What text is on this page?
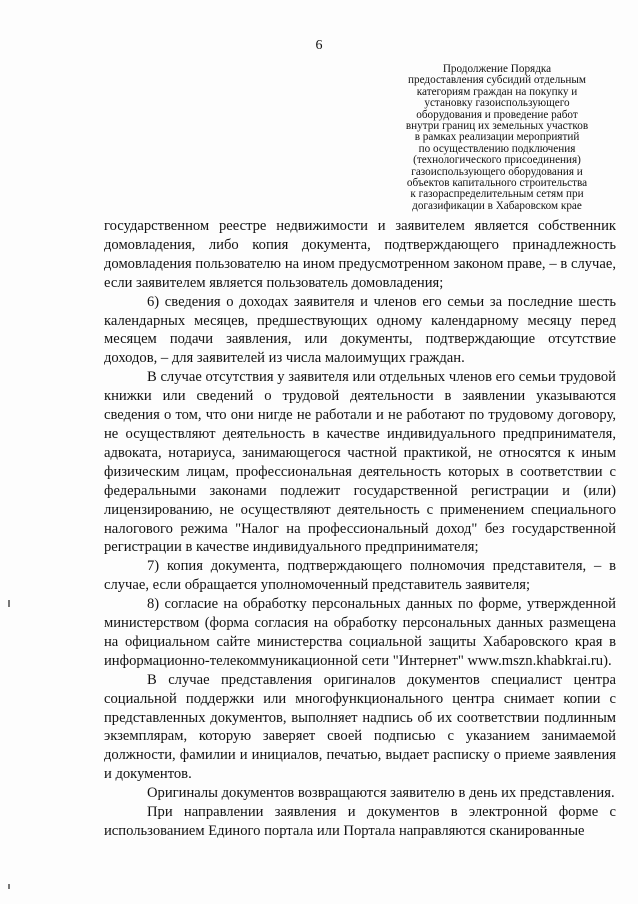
6
Продолжение Порядка
предоставления субсидий отдельным
категориям граждан на покупку и
установку газоиспользующего
оборудования и проведение работ
внутри границ их земельных участков
в рамках реализации мероприятий
по осуществлению подключения
(технологического присоединения)
газоиспользующего оборудования и
объектов капитального строительства
к газораспределительным сетям при
догазификации в Хабаровском крае

государственном реестре недвижимости и заявителем является собственник домовладения, либо копия документа, подтверждающего принадлежность домовладения пользователю на ином предусмотренном законом праве, – в случае, если заявителем является пользователь домовладения;

6) сведения о доходах заявителя и членов его семьи за последние шесть календарных месяцев, предшествующих одному календарному месяцу перед месяцем подачи заявления, или документы, подтверждающие отсутствие доходов, – для заявителей из числа малоимущих граждан.

В случае отсутствия у заявителя или отдельных членов его семьи трудовой книжки или сведений о трудовой деятельности в заявлении указываются сведения о том, что они нигде не работали и не работают по трудовому договору, не осуществляют деятельность в качестве индивидуального предпринимателя, адвоката, нотариуса, занимающегося частной практикой, не относятся к иным физическим лицам, профессиональная деятельность которых в соответствии с федеральными законами подлежит государственной регистрации и (или) лицензированию, не осуществляют деятельность с применением специального налогового режима "Налог на профессиональный доход" без государственной регистрации в качестве индивидуального предпринимателя;

7) копия документа, подтверждающего полномочия представителя, – в случае, если обращается уполномоченный представитель заявителя;

8) согласие на обработку персональных данных по форме, утвержденной министерством (форма согласия на обработку персональных данных размещена на официальном сайте министерства социальной защиты Хабаровского края в информационно-телекоммуникационной сети "Интернет" www.mszn.khabkrai.ru).

В случае представления оригиналов документов специалист центра социальной поддержки или многофункционального центра снимает копии с представленных документов, выполняет надпись об их соответствии подлинным экземплярам, которую заверяет своей подписью с указанием занимаемой должности, фамилии и инициалов, печатью, выдает расписку о приеме заявления и документов.

Оригиналы документов возвращаются заявителю в день их представления.

При направлении заявления и документов в электронной форме с использованием Единого портала или Портала направляются сканированные
